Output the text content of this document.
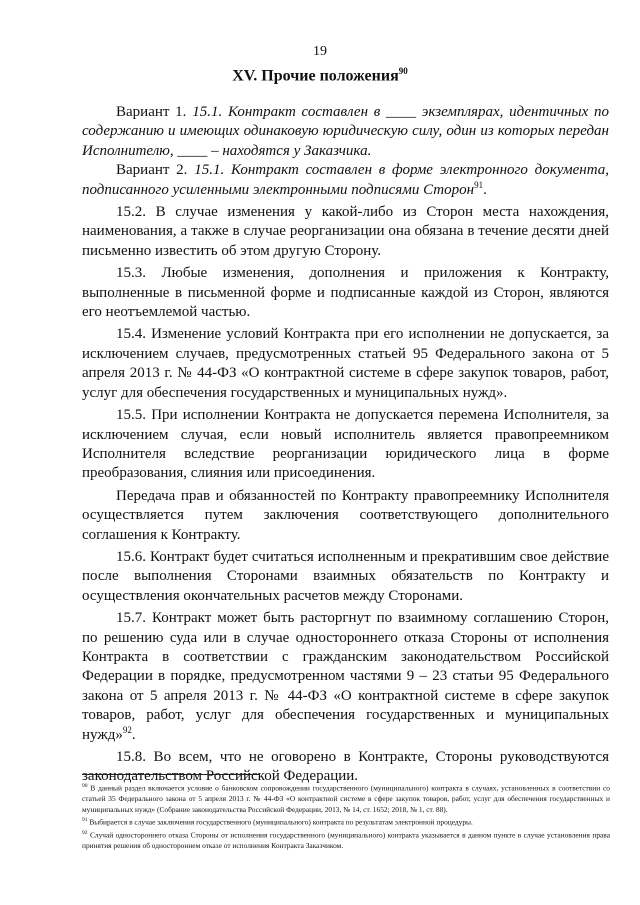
19
XV. Прочие положения$^{90}$

Вариант 1. 15.1. Контракт составлен в ____ экземплярах, идентичных по содержанию и имеющих одинаковую юридическую силу, один из которых передан Исполнителю, ____ – находятся у Заказчика.

Вариант 2. 15.1. Контракт составлен в форме электронного документа, подписанного усиленными электронными подписями Сторон$^{91}$.

15.2. В случае изменения у какой-либо из Сторон места нахождения, наименования, а также в случае реорганизации она обязана в течение десяти дней письменно известить об этом другую Сторону.

15.3. Любые изменения, дополнения и приложения к Контракту, выполненные в письменной форме и подписанные каждой из Сторон, являются его неотъемлемой частью.

15.4. Изменение условий Контракта при его исполнении не допускается, за исключением случаев, предусмотренных статьей 95 Федерального закона от 5 апреля 2013 г. № 44-ФЗ «О контрактной системе в сфере закупок товаров, работ, услуг для обеспечения государственных и муниципальных нужд».

15.5. При исполнении Контракта не допускается перемена Исполнителя, за исключением случая, если новый исполнитель является правопреемником Исполнителя вследствие реорганизации юридического лица в форме преобразования, слияния или присоединения.

Передача прав и обязанностей по Контракту правопреемнику Исполнителя осуществляется путем заключения соответствующего дополнительного соглашения к Контракту.

15.6. Контракт будет считаться исполненным и прекратившим свое действие после выполнения Сторонами взаимных обязательств по Контракту и осуществления окончательных расчетов между Сторонами.

15.7. Контракт может быть расторгнут по взаимному соглашению Сторон, по решению суда или в случае одностороннего отказа Стороны от исполнения Контракта в соответствии с гражданским законодательством Российской Федерации в порядке, предусмотренном частями 9 – 23 статьи 95 Федерального закона от 5 апреля 2013 г. № 44-ФЗ «О контрактной системе в сфере закупок товаров, работ, услуг для обеспечения государственных и муниципальных нужд»$^{92}$.

15.8. Во всем, что не оговорено в Контракте, Стороны руководствуются законодательством Российской Федерации.

$^{90}$ В данный раздел включается условие о банковском сопровождении государственного (муниципального) контракта в случаях, установленных в соответствии со статьей 35 Федерального закона от 5 апреля 2013 г. № 44-ФЗ «О контрактной системе в сфере закупок товаров, работ, услуг для обеспечения государственных и муниципальных нужд» (Собрание законодательства Российской Федерации, 2013, № 14, ст. 1652; 2018, № 1, ст. 88).

$^{91}$ Выбирается в случае заключения государственного (муниципального) контракта по результатам электронной процедуры.

$^{92}$ Случай одностороннего отказа Стороны от исполнения государственного (муниципального) контракта указывается в данном пункте в случае установления права принятия решения об одностороннем отказе от исполнения Контракта Заказчиком.
